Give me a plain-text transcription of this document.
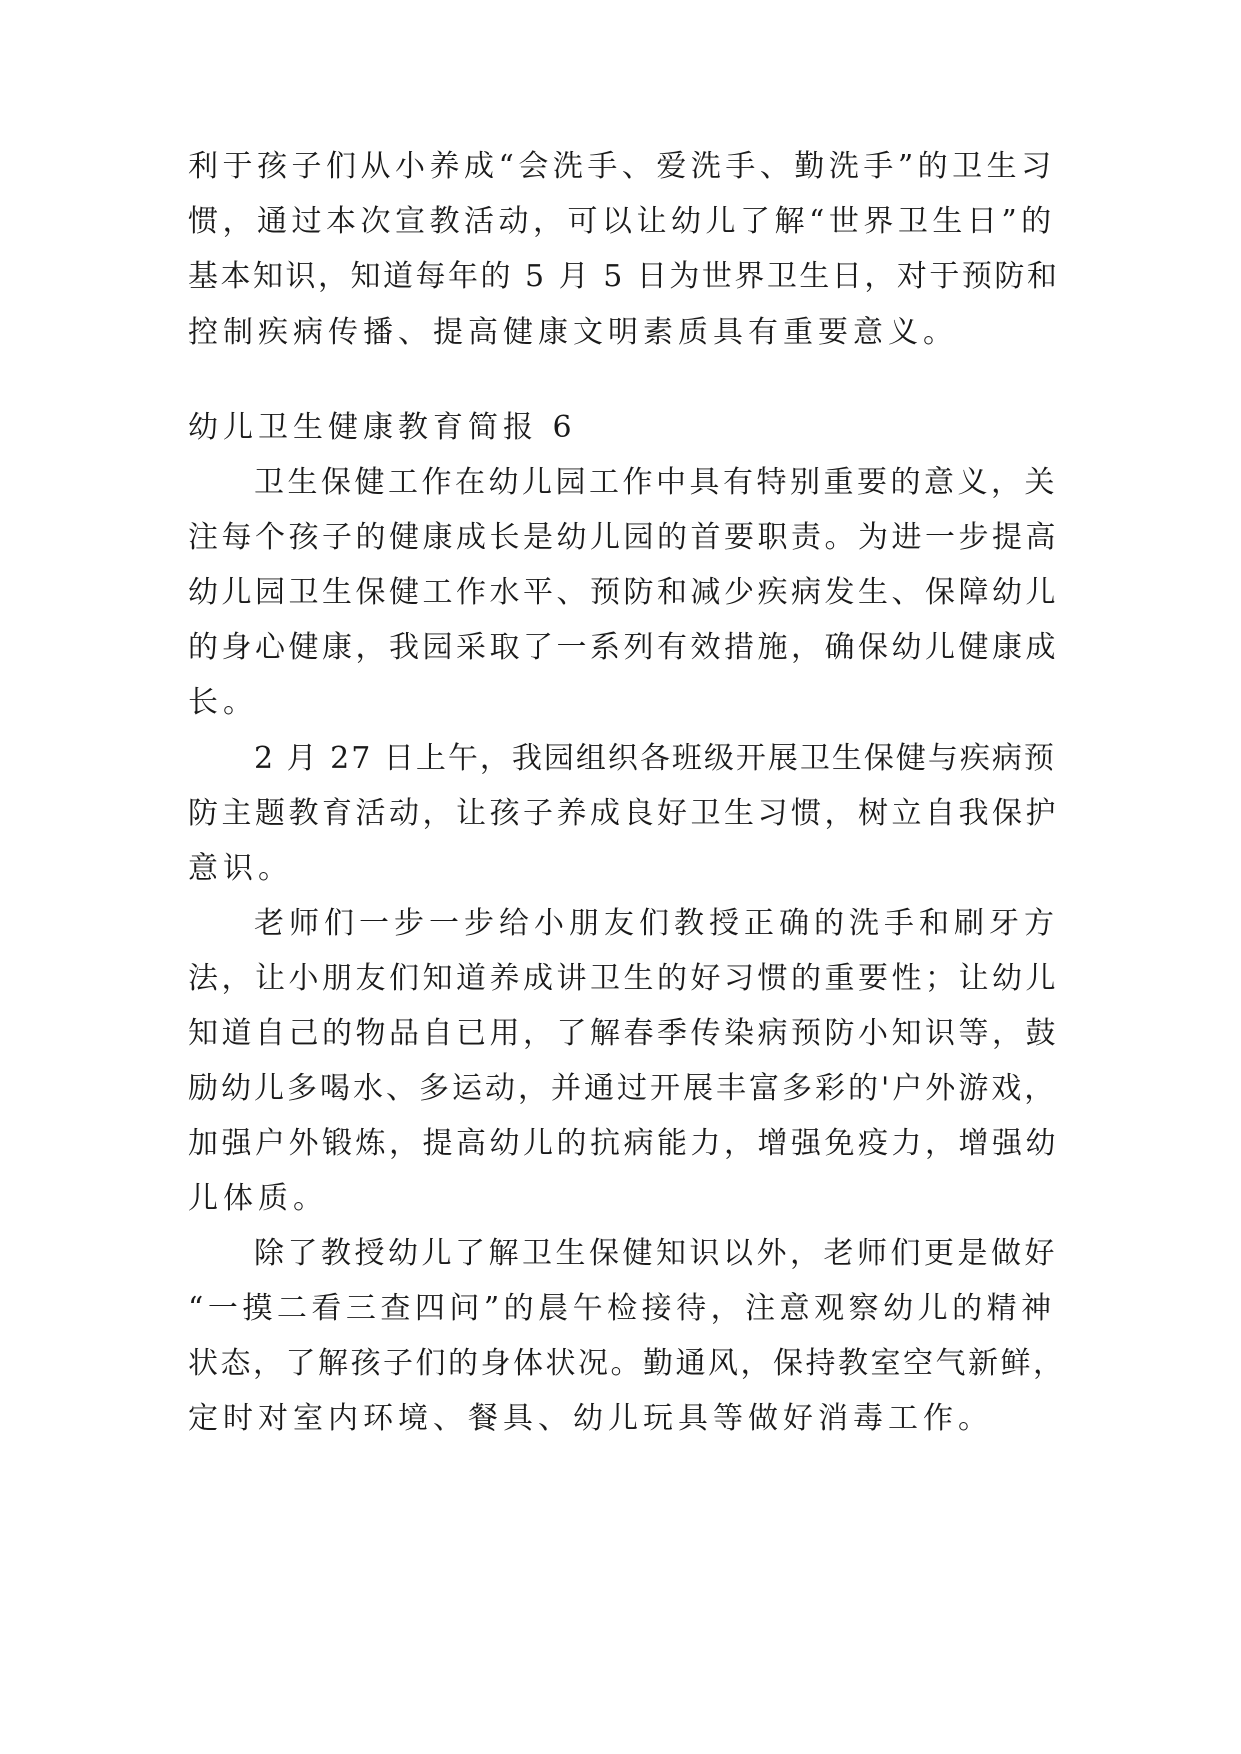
利于孩子们从小养成“会洗手、爱洗手、勤洗手”的卫生习
惯，通过本次宣教活动，可以让幼儿了解“世界卫生日”的
基本知识，知道每年的 5 月 5 日为世界卫生日，对于预防和
控制疾病传播、提高健康文明素质具有重要意义。
幼儿卫生健康教育简报 6
卫生保健工作在幼儿园工作中具有特别重要的意义，关
注每个孩子的健康成长是幼儿园的首要职责。为进一步提高
幼儿园卫生保健工作水平、预防和减少疾病发生、保障幼儿
的身心健康，我园采取了一系列有效措施，确保幼儿健康成
长。
2 月 27 日上午，我园组织各班级开展卫生保健与疾病预
防主题教育活动，让孩子养成良好卫生习惯，树立自我保护
意识。
老师们一步一步给小朋友们教授正确的洗手和刷牙方
法，让小朋友们知道养成讲卫生的好习惯的重要性；让幼儿
知道自己的物品自已用，了解春季传染病预防小知识等，鼓
励幼儿多喝水、多运动，并通过开展丰富多彩的'户外游戏，
加强户外锻炼，提高幼儿的抗病能力，增强免疫力，增强幼
儿体质。
除了教授幼儿了解卫生保健知识以外，老师们更是做好
“一摸二看三查四问”的晨午检接待，注意观察幼儿的精神
状态，了解孩子们的身体状况。勤通风，保持教室空气新鲜，
定时对室内环境、餐具、幼儿玩具等做好消毒工作。
